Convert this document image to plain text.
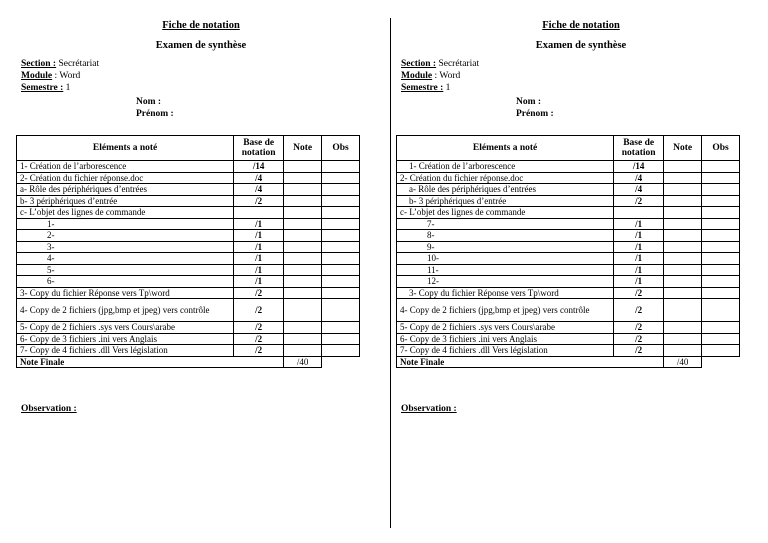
Fiche de notation
Examen de synthèse
Section : Secrétariat
Module : Word
Semestre : 1
Nom :
Prénom :
Eléments a noté	Base de notation	Note	Obs
1- Création de l’arborescence	/14		
2- Création du fichier réponse.doc	/4		
a- Rôle des périphériques d’entrées	/4		
b- 3 périphériques d’entrée	/2		
c- L’objet des lignes de commande			
1-	/1		
2-	/1		
3-	/1		
4-	/1		
5-	/1		
6-	/1		
3- Copy du fichier Réponse vers Tp\word	/2		
4- Copy de 2 fichiers (jpg,bmp et jpeg) vers contrôle	/2		
5- Copy de 2 fichiers .sys vers Cours\arabe	/2		
6- Copy de 3 fichiers .ini vers Anglais	/2		
7- Copy de 4 fichiers .dll Vers législation	/2		
Note Finale		/40	
Observation :
Fiche de notation
Examen de synthèse
Section : Secrétariat
Module : Word
Semestre : 1
Nom :
Prénom :
Eléments a noté	Base de notation	Note	Obs
1- Création de l’arborescence	/14		
2- Création du fichier réponse.doc	/4		
a- Rôle des périphériques d’entrées	/4		
b- 3 périphériques d’entrée	/2		
c- L’objet des lignes de commande			
7-	/1		
8-	/1		
9-	/1		
10-	/1		
11-	/1		
12-	/1		
3- Copy du fichier Réponse vers Tp\word	/2		
4- Copy de 2 fichiers (jpg,bmp et jpeg) vers contrôle	/2		
5- Copy de 2 fichiers .sys vers Cours\arabe	/2		
6- Copy de 3 fichiers .ini vers Anglais	/2		
7- Copy de 4 fichiers .dll Vers législation	/2		
Note Finale		/40	
Observation :
